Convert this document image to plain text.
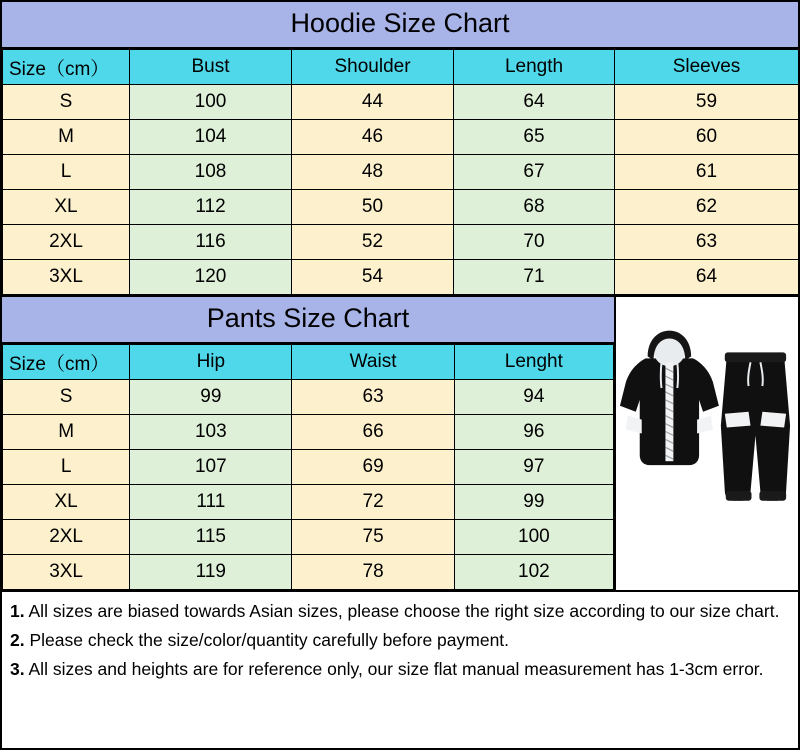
Hoodie Size Chart
Size（cm）	Bust	Shoulder	Length	Sleeves
S	100	44	64	59
M	104	46	65	60
L	108	48	67	61
XL	112	50	68	62
2XL	116	52	70	63
3XL	120	54	71	64
Pants Size Chart
Size（cm）	Hip	Waist	Lenght
S	99	63	94
M	103	66	96
L	107	69	97
XL	111	72	99
2XL	115	75	100
3XL	119	78	102

1. All sizes are biased towards Asian sizes, please choose the right size according to our size chart.

2. Please check the size/color/quantity carefully before payment.

3. All sizes and heights are for reference only, our size flat manual measurement has 1-3cm error.
